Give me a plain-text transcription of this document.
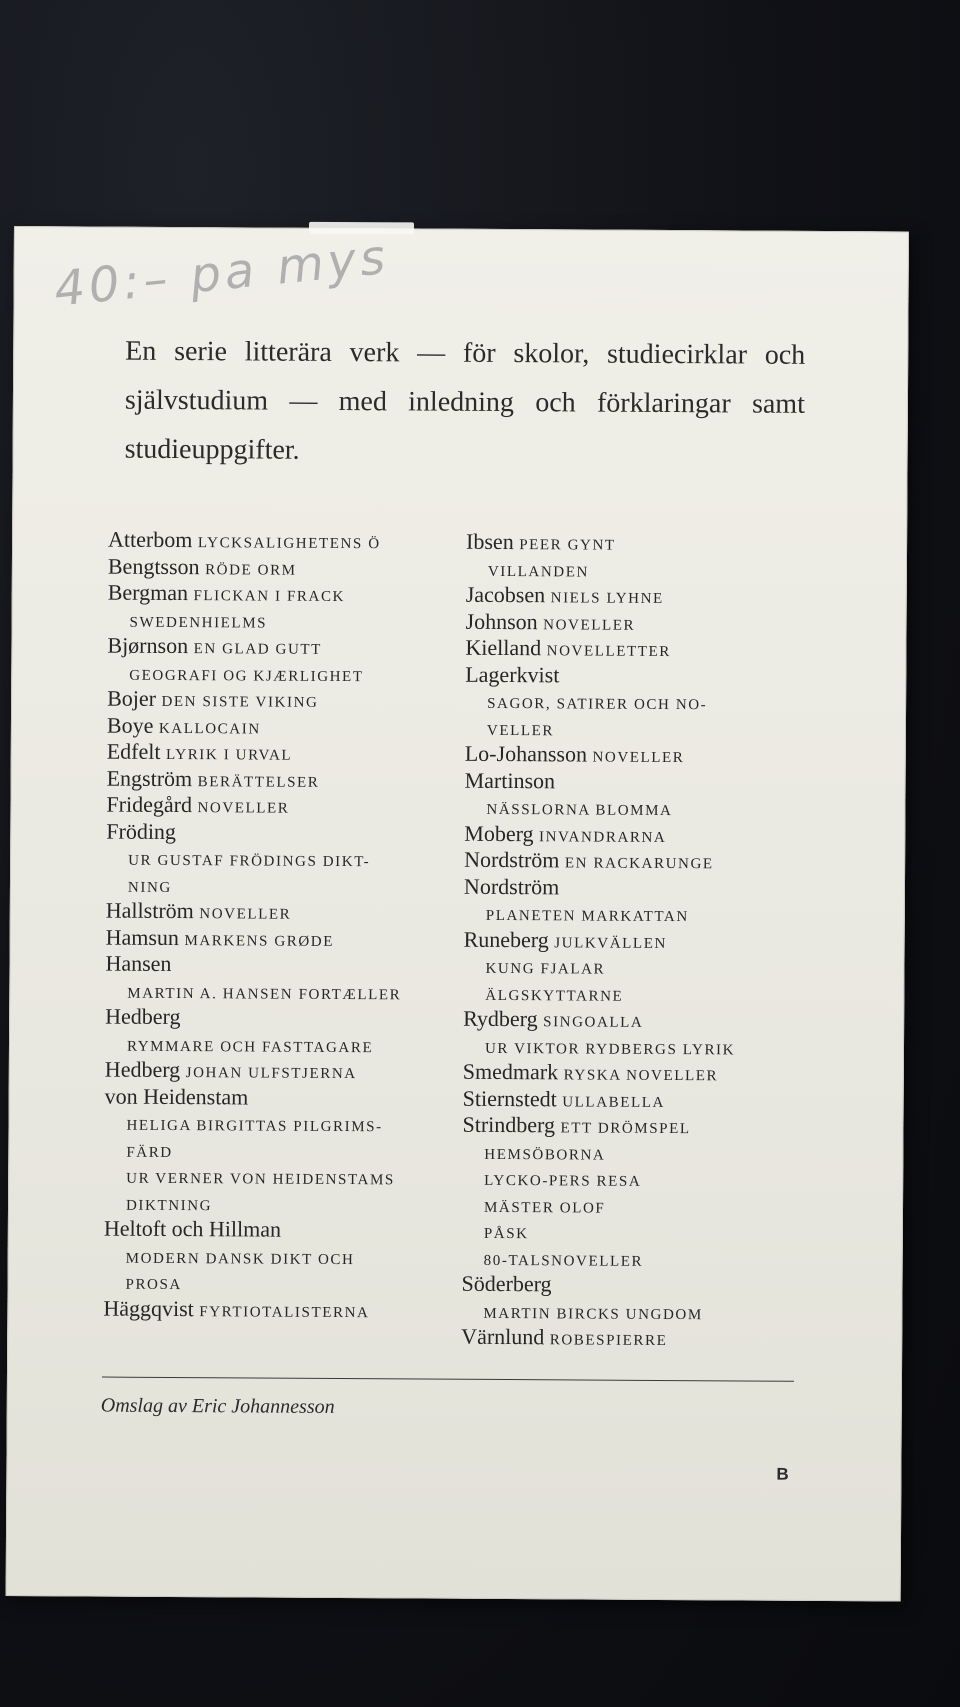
40:– pa mys
En serie litterära verk — för skolor, studiecirklar och självstudium — med inledning och förklaringar samt studieuppgifter.
Atterbom LYCKSALIGHETENS Ö
Bengtsson RÖDE ORM
Bergman FLICKAN I FRACK
SWEDENHIELMS
Bjørnson EN GLAD GUTT
GEOGRAFI OG KJÆRLIGHET
Bojer DEN SISTE VIKING
Boye KALLOCAIN
Edfelt LYRIK I URVAL
Engström BERÄTTELSER
Fridegård NOVELLER
Fröding
UR GUSTAF FRÖDINGS DIKT-
NING
Hallström NOVELLER
Hamsun MARKENS GRØDE
Hansen
MARTIN A. HANSEN FORTÆLLER
Hedberg
RYMMARE OCH FASTTAGARE
Hedberg JOHAN ULFSTJERNA
von Heidenstam
HELIGA BIRGITTAS PILGRIMS-
FÄRD
UR VERNER VON HEIDENSTAMS
DIKTNING
Heltoft och Hillman
MODERN DANSK DIKT OCH
PROSA
Häggqvist FYRTIOTALISTERNA
Ibsen PEER GYNT
VILLANDEN
Jacobsen NIELS LYHNE
Johnson NOVELLER
Kielland NOVELLETTER
Lagerkvist
SAGOR, SATIRER OCH NO-
VELLER
Lo-Johansson NOVELLER
Martinson
NÄSSLORNA BLOMMA
Moberg INVANDRARNA
Nordström EN RACKARUNGE
Nordström
PLANETEN MARKATTAN
Runeberg JULKVÄLLEN
KUNG FJALAR
ÄLGSKYTTARNE
Rydberg SINGOALLA
UR VIKTOR RYDBERGS LYRIK
Smedmark RYSKA NOVELLER
Stiernstedt ULLABELLA
Strindberg ETT DRÖMSPEL
HEMSÖBORNA
LYCKO-PERS RESA
MÄSTER OLOF
PÅSK
80-TALSNOVELLER
Söderberg
MARTIN BIRCKS UNGDOM
Värnlund ROBESPIERRE
Omslag av Eric Johannesson
B
